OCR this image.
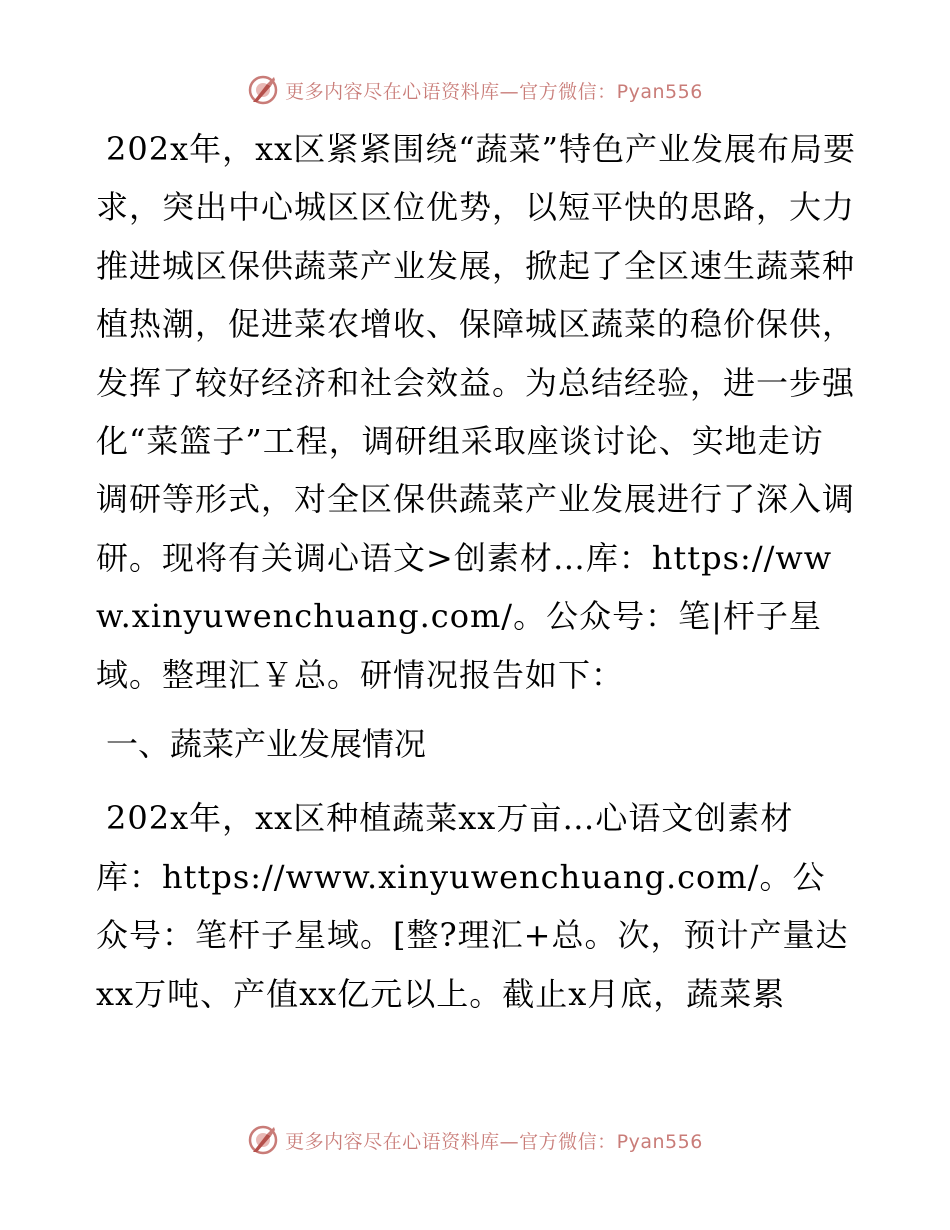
更多内容尽在心语资料库—官方微信：Pyan556

202x年，xx区紧紧围绕“蔬菜”特色产业发展布局要求，突出中心城区区位优势，以短平快的思路，大力推进城区保供蔬菜产业发展，掀起了全区速生蔬菜种植热潮，促进菜农增收、保障城区蔬菜的稳价保供，发挥了较好经济和社会效益。为总结经验，进一步强化“菜篮子”工程，调研组采取座谈讨论、实地走访调研等形式，对全区保供蔬菜产业发展进行了深入调研。现将有关调心语文>创素材…库：https://www.xinyuwenchuang.com/。公众号：笔|杆子星域。整理汇￥总。研情况报告如下：

一、蔬菜产业发展情况

202x年，xx区种植蔬菜xx万亩…心语文创素材库：https://www.xinyuwenchuang.com/。公众号：笔杆子星域。[整?理汇+总。次，预计产量达xx万吨、产值xx亿元以上。截止x月底，蔬菜累

更多内容尽在心语资料库—官方微信：Pyan556
